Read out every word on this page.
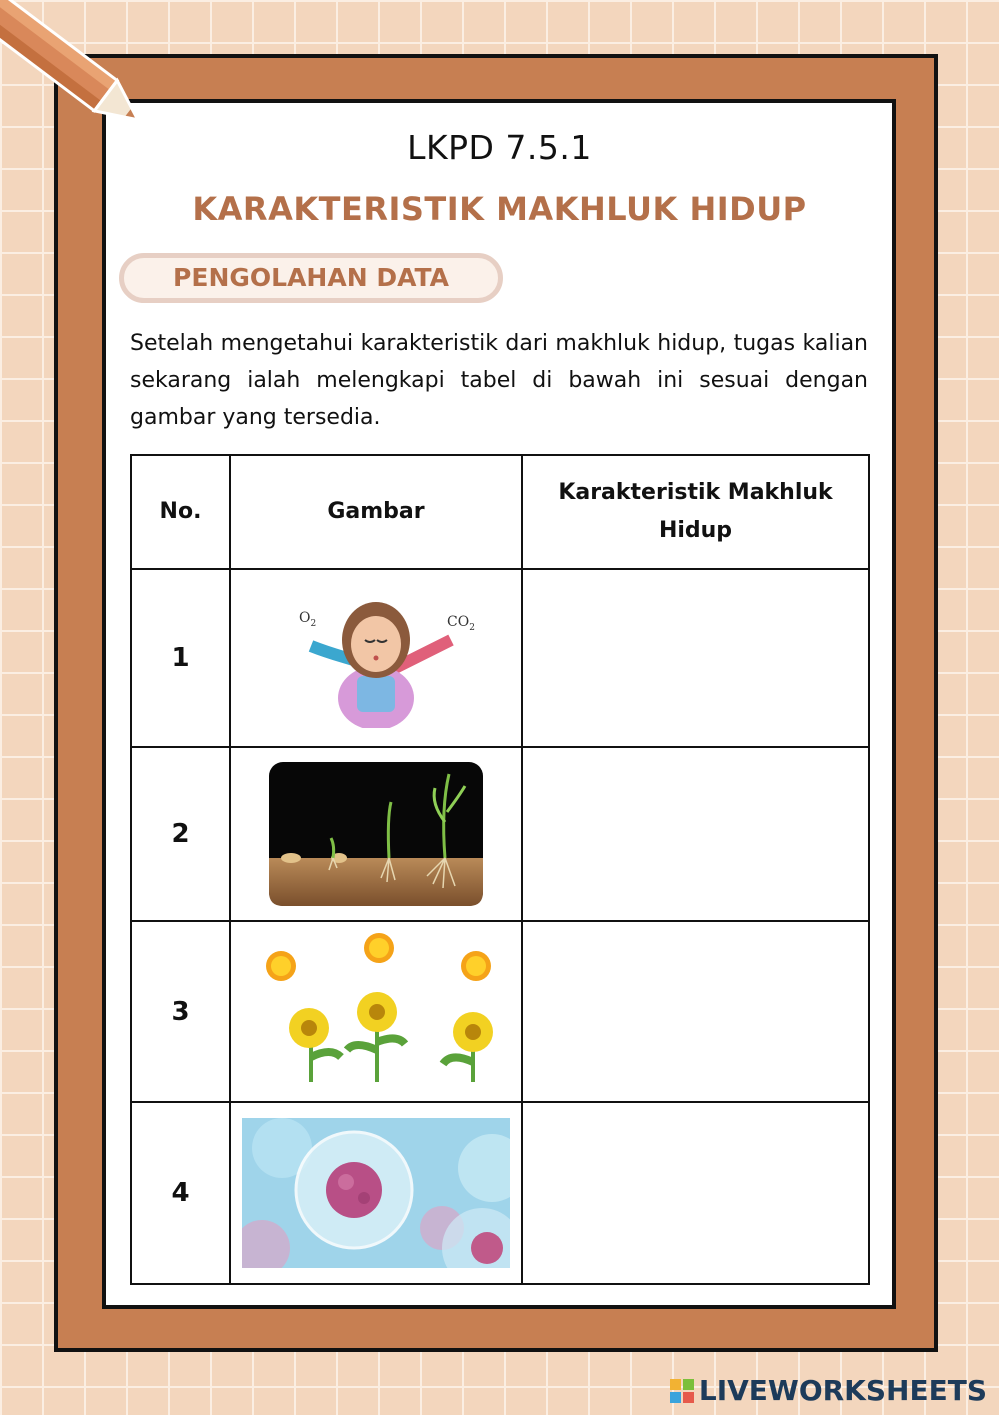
LKPD 7.5.1
KARAKTERISTIK MAKHLUK HIDUP
PENGOLAHAN DATA
Setelah mengetahui karakteristik dari makhluk hidup, tugas kalian sekarang ialah melengkapi tabel di bawah ini sesuai dengan gambar yang tersedia.
No.	Gambar	Karakteristik Makhluk Hidup
1	$O_2$ $CO_2$

2	

3	

4	

LIVEWORKSHEETS
